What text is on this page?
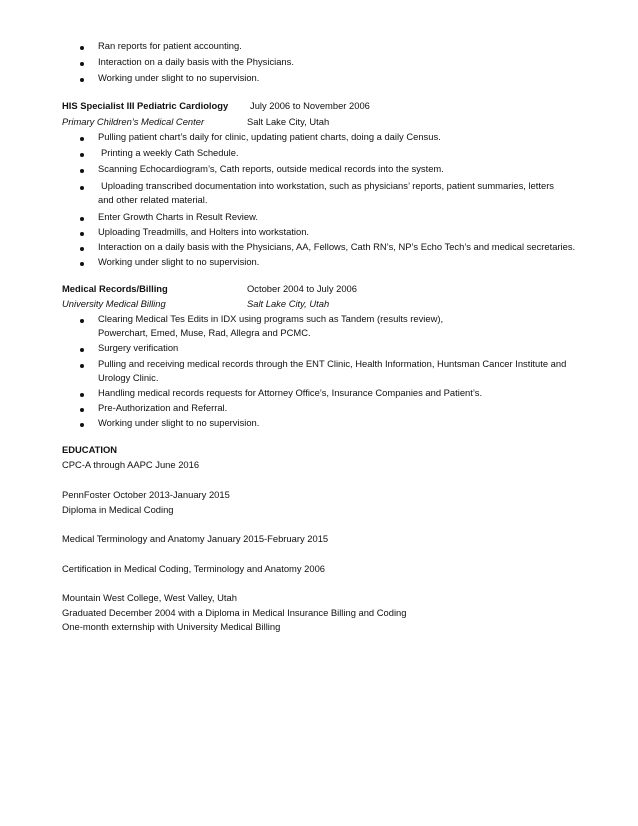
Ran reports for patient accounting.
Interaction on a daily basis with the Physicians.
Working under slight to no supervision.
HIS Specialist III Pediatric Cardiology July 2006 to November 2006
Primary Children’s Medical Center	Salt Lake City, Utah
Pulling patient chart’s daily for clinic, updating patient charts, doing a daily Census.
Printing a weekly Cath Schedule.
Scanning Echocardiogram’s, Cath reports, outside medical records into the system.
Uploading transcribed documentation into workstation, such as physicians’ reports, patient summaries, letters
and other related material.
Enter Growth Charts in Result Review.
Uploading Treadmills, and Holters into workstation.
Interaction on a daily basis with the Physicians, AA, Fellows, Cath RN’s, NP’s Echo Tech’s and medical secretaries.
Working under slight to no supervision.
Medical Records/Billing	October 2004 to July 2006
University Medical Billing	Salt Lake City, Utah
Clearing Medical Tes Edits in IDX using programs such as Tandem (results review),
Powerchart, Emed, Muse, Rad, Allegra and PCMC.
Surgery verification
Pulling and receiving medical records through the ENT Clinic, Health Information, Huntsman Cancer Institute and
Urology Clinic.
Handling medical records requests for Attorney Office’s, Insurance Companies and Patient’s.
Pre-Authorization and Referral.
Working under slight to no supervision.
EDUCATION
CPC-A through AAPC June 2016
PennFoster October 2013-January 2015
Diploma in Medical Coding
Medical Terminology and Anatomy January 2015-February 2015
Certification in Medical Coding, Terminology and Anatomy 2006
Mountain West College, West Valley, Utah
Graduated December 2004 with a Diploma in Medical Insurance Billing and Coding
One-month externship with University Medical Billing
